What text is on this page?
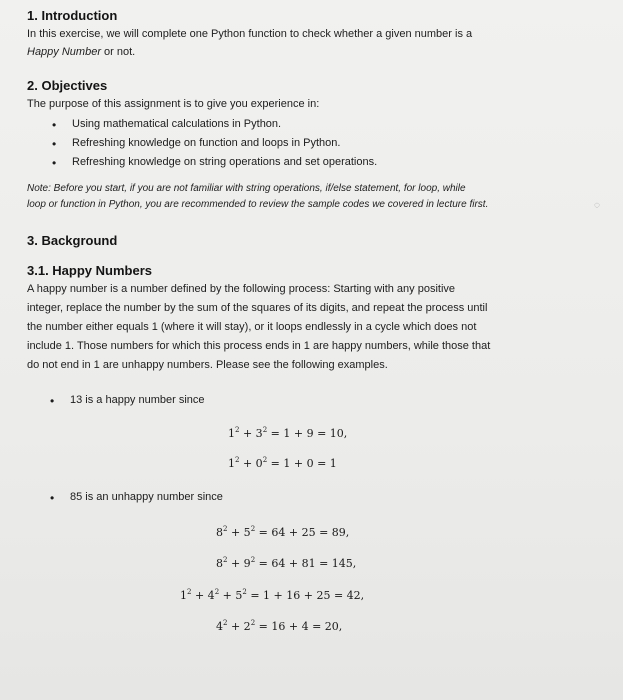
1. Introduction
In this exercise, we will complete one Python function to check whether a given number is a
Happy Number or not.
2. Objectives
The purpose of this assignment is to give you experience in:
• Using mathematical calculations in Python.
• Refreshing knowledge on function and loops in Python.
• Refreshing knowledge on string operations and set operations.
Note: Before you start, if you are not familiar with string operations, if/else statement, for loop, while
loop or function in Python, you are recommended to review the sample codes we covered in lecture first.	◌
3. Background
3.1. Happy Numbers
A happy number is a number defined by the following process: Starting with any positive
integer, replace the number by the sum of the squares of its digits, and repeat the process until
the number either equals 1 (where it will stay), or it loops endlessly in a cycle which does not
include 1. Those numbers for which this process ends in 1 are happy numbers, while those that
do not end in 1 are unhappy numbers. Please see the following examples.
• 13 is a happy number since
$1^2 + 3^2 = 1 + 9 = 10$,
$1^2 + 0^2 = 1 + 0 = 1$
• 85 is an unhappy number since
$8^2 + 5^2 = 64 + 25 = 89$,
$8^2 + 9^2 = 64 + 81 = 145$,
$1^2 + 4^2 + 5^2 = 1 + 16 + 25 = 42$,
$4^2 + 2^2 = 16 + 4 = 20$,
